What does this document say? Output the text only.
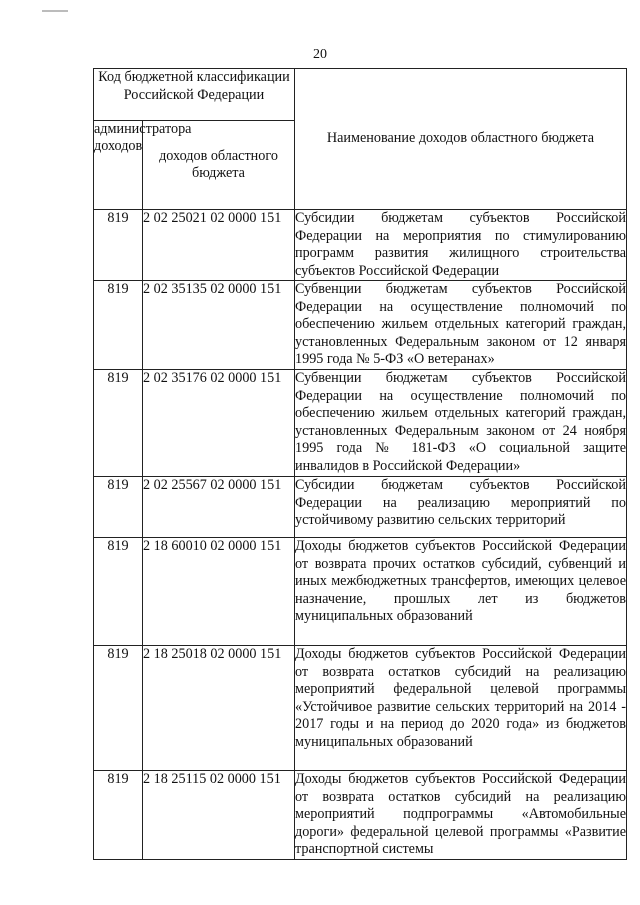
20
Код бюджетной классификации Российской Федерации		Наименование доходов областного бюджета
администратора доходов	доходов областного бюджета	
819	2 02 25021 02 0000 151	Субсидии бюджетам субъектов Российской Федерации на мероприятия по стимулированию программ развития жилищного строительства субъектов Российской Федерации
819	2 02 35135 02 0000 151	Субвенции бюджетам субъектов Российской Федерации на осуществление полномочий по обеспечению жильем отдельных категорий граждан, установленных Федеральным законом от 12 января 1995 года № 5-ФЗ «О ветеранах»
819	2 02 35176 02 0000 151	Субвенции бюджетам субъектов Российской Федерации на осуществление полномочий по обеспечению жильем отдельных категорий граждан, установленных Федеральным законом от 24 ноября 1995 года № 181-ФЗ «О социальной защите инвалидов в Российской Федерации»
819	2 02 25567 02 0000 151	Субсидии бюджетам субъектов Российской Федерации на реализацию мероприятий по устойчивому развитию сельских территорий
819	2 18 60010 02 0000 151	Доходы бюджетов субъектов Российской Федерации от возврата прочих остатков субсидий, субвенций и иных межбюджетных трансфертов, имеющих целевое назначение, прошлых лет из бюджетов муниципальных образований
819	2 18 25018 02 0000 151	Доходы бюджетов субъектов Российской Федерации от возврата остатков субсидий на реализацию мероприятий федеральной целевой программы «Устойчивое развитие сельских территорий на 2014 - 2017 годы и на период до 2020 года» из бюджетов муниципальных образований
819	2 18 25115 02 0000 151	Доходы бюджетов субъектов Российской Федерации от возврата остатков субсидий на реализацию мероприятий подпрограммы «Автомобильные дороги» федеральной целевой программы «Развитие транспортной системы
